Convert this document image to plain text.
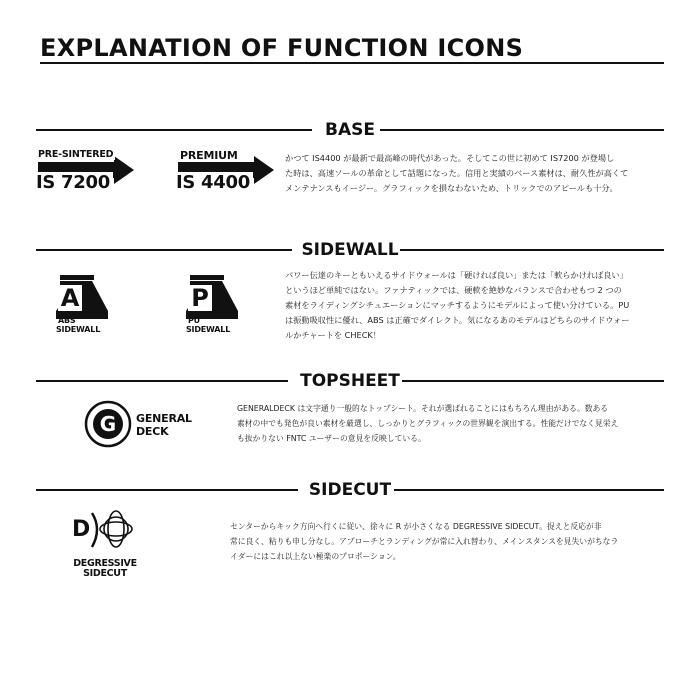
EXPLANATION OF FUNCTION ICONS
BASE
PRE-SINTERED
IS 7200
PREMIUM
IS 4400
かつて IS4400 が最新で最高峰の時代があった。そしてこの世に初めて IS7200 が登場し
た時は、高速ソールの革命として話題になった。信用と実績のベース素材は、耐久性が高くて
メンテナンスもイージー。グラフィックを損なわないため、トリックでのアピールも十分。
SIDEWALL
A
ABS
SIDEWALL
P
PU
SIDEWALL
パワー伝達のキーともいえるサイドウォールは「硬ければ良い」または「軟らかければ良い」
というほど単純ではない。ファナティックでは、硬軟を絶妙なバランスで合わせもつ 2 つの
素材をライディングシチュエーションにマッチするようにモデルによって使い分けている。PU
は振動吸収性に優れ、ABS は正確でダイレクト。気になるあのモデルはどちらのサイドウォー
ルかチャートを CHECK！
TOPSHEET
G GENERAL
DECK
GENERALDECK は文字通り一般的なトップシート。それが選ばれることにはもちろん理由がある。数ある
素材の中でも発色が良い素材を厳選し、しっかりとグラフィックの世界観を演出する。性能だけでなく見栄え
も抜かりない FNTC ユーザーの意見を反映している。
SIDECUT
D
DEGRESSIVE
SIDECUT
センターからキック方向へ行くに従い、徐々に R が小さくなる DEGRESSIVE SIDECUT。捉えと反応が非
常に良く、粘りも申し分なし。アプローチとランディングが常に入れ替わり、メインスタンスを見失いがちなラ
イダーにはこれ以上ない極楽のプロポーション。
